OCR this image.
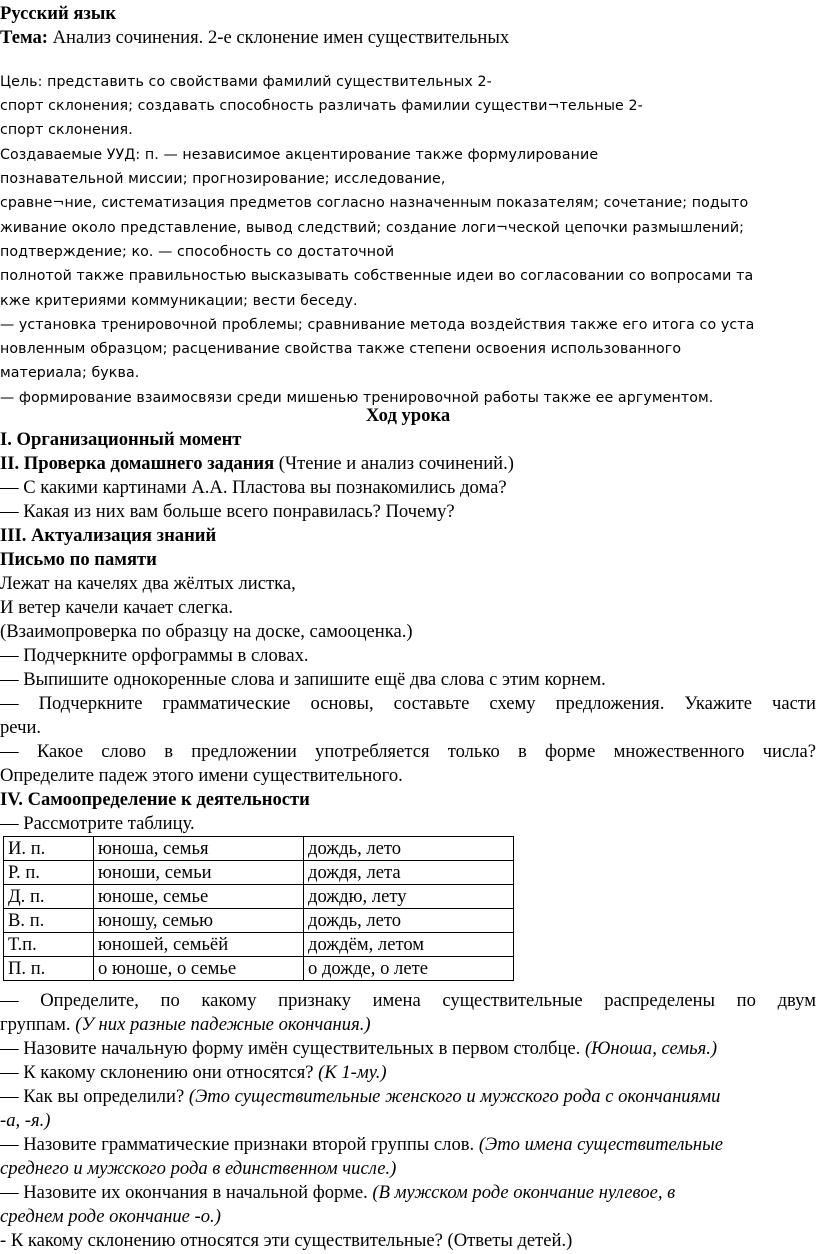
Русский язык

Тема: Анализ сочинения. 2-е склонение имен существительных

Цель: представить со свойствами фамилий существительных 2-

спорт склонения; создавать способность различать фамилии существи¬тельные 2-

спорт склонения.

Создаваемые УУД: п. — независимое акцентирование также формулирование

познавательной миссии; прогнозирование; исследование,

сравне¬ние, систематизация предметов согласно назначенным показателям; сочетание; подыто

живание около представление, вывод следствий; создание логи¬ческой цепочки размышлений;

подтверждение; ко. — способность со достаточной

полнотой также правильностью высказывать собственные идеи во согласовании со вопросами та

кже критериями коммуникации; вести беседу.

— установка тренировочной проблемы; сравнивание метода воздействия также его итога со уста

новленным образцом; расценивание свойства также степени освоения использованного

материала; буква.

— формирование взаимосвязи среди мишенью тренировочной работы также ее аргументом.

Ход урока

I. Организационный момент

II. Проверка домашнего задания (Чтение и анализ сочинений.)

— С какими картинами А.А. Пластова вы познакомились дома?

— Какая из них вам больше всего понравилась? Почему?

III. Актуализация знаний

Письмо по памяти

Лежат на качелях два жёлтых листка,

И ветер качели качает слегка.

(Взаимопроверка по образцу на доске, самооценка.)

— Подчеркните орфограммы в словах.

— Выпишите однокоренные слова и запишите ещё два слова с этим корнем.

— Подчеркните грамматические основы, составьте схему предложения. Укажите части

речи.

— Какое слово в предложении употребляется только в форме множественного числа?

Определите падеж этого имени существительного.

IV. Самоопределение к деятельности

— Рассмотрите таблицу.

И. п.	юноша, семья	дождь, лето
Р. п.	юноши, семьи	дождя, лета
Д. п.	юноше, семье	дождю, лету
В. п.	юношу, семью	дождь, лето
Т.п.	юношей, семьёй	дождём, летом
П. п.	о юноше, о семье	о дожде, о лете

— Определите, по какому признаку имена существительные распределены по двум

группам. (У них разные падежные окончания.)

— Назовите начальную форму имён существительных в первом столбце. (Юноша, семья.)

— К какому склонению они относятся? (К 1-му.)

— Как вы определили? (Это существительные женского и мужского рода с окончаниями

-а, -я.)

— Назовите грамматические признаки второй группы слов. (Это имена существительные

среднего и мужского рода в единственном числе.)

— Назовите их окончания в начальной форме. (В мужском роде окончание нулевое, в

среднем роде окончание -о.)

- К какому склонению относятся эти существительные? (Ответы детей.)
